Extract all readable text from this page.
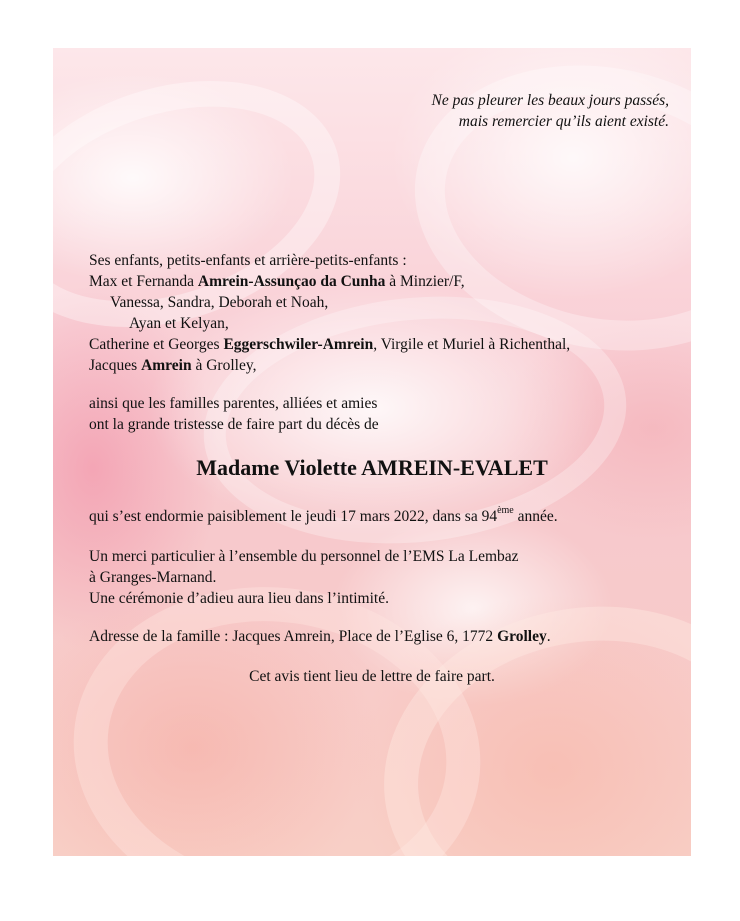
Ne pas pleurer les beaux jours passés,
mais remercier qu’ils aient existé.
Ses enfants, petits-enfants et arrière-petits-enfants :
Max et Fernanda Amrein-Assunçao da Cunha à Minzier/F,
Vanessa, Sandra, Deborah et Noah,
Ayan et Kelyan,
Catherine et Georges Eggerschwiler-Amrein, Virgile et Muriel à Richenthal,
Jacques Amrein à Grolley,
ainsi que les familles parentes, alliées et amies
ont la grande tristesse de faire part du décès de
Madame Violette AMREIN-EVALET
qui s’est endormie paisiblement le jeudi 17 mars 2022, dans sa 94ème année.
Un merci particulier à l’ensemble du personnel de l’EMS La Lembaz
à Granges-Marnand.
Une cérémonie d’adieu aura lieu dans l’intimité.
Adresse de la famille : Jacques Amrein, Place de l’Eglise 6, 1772 Grolley.
Cet avis tient lieu de lettre de faire part.
